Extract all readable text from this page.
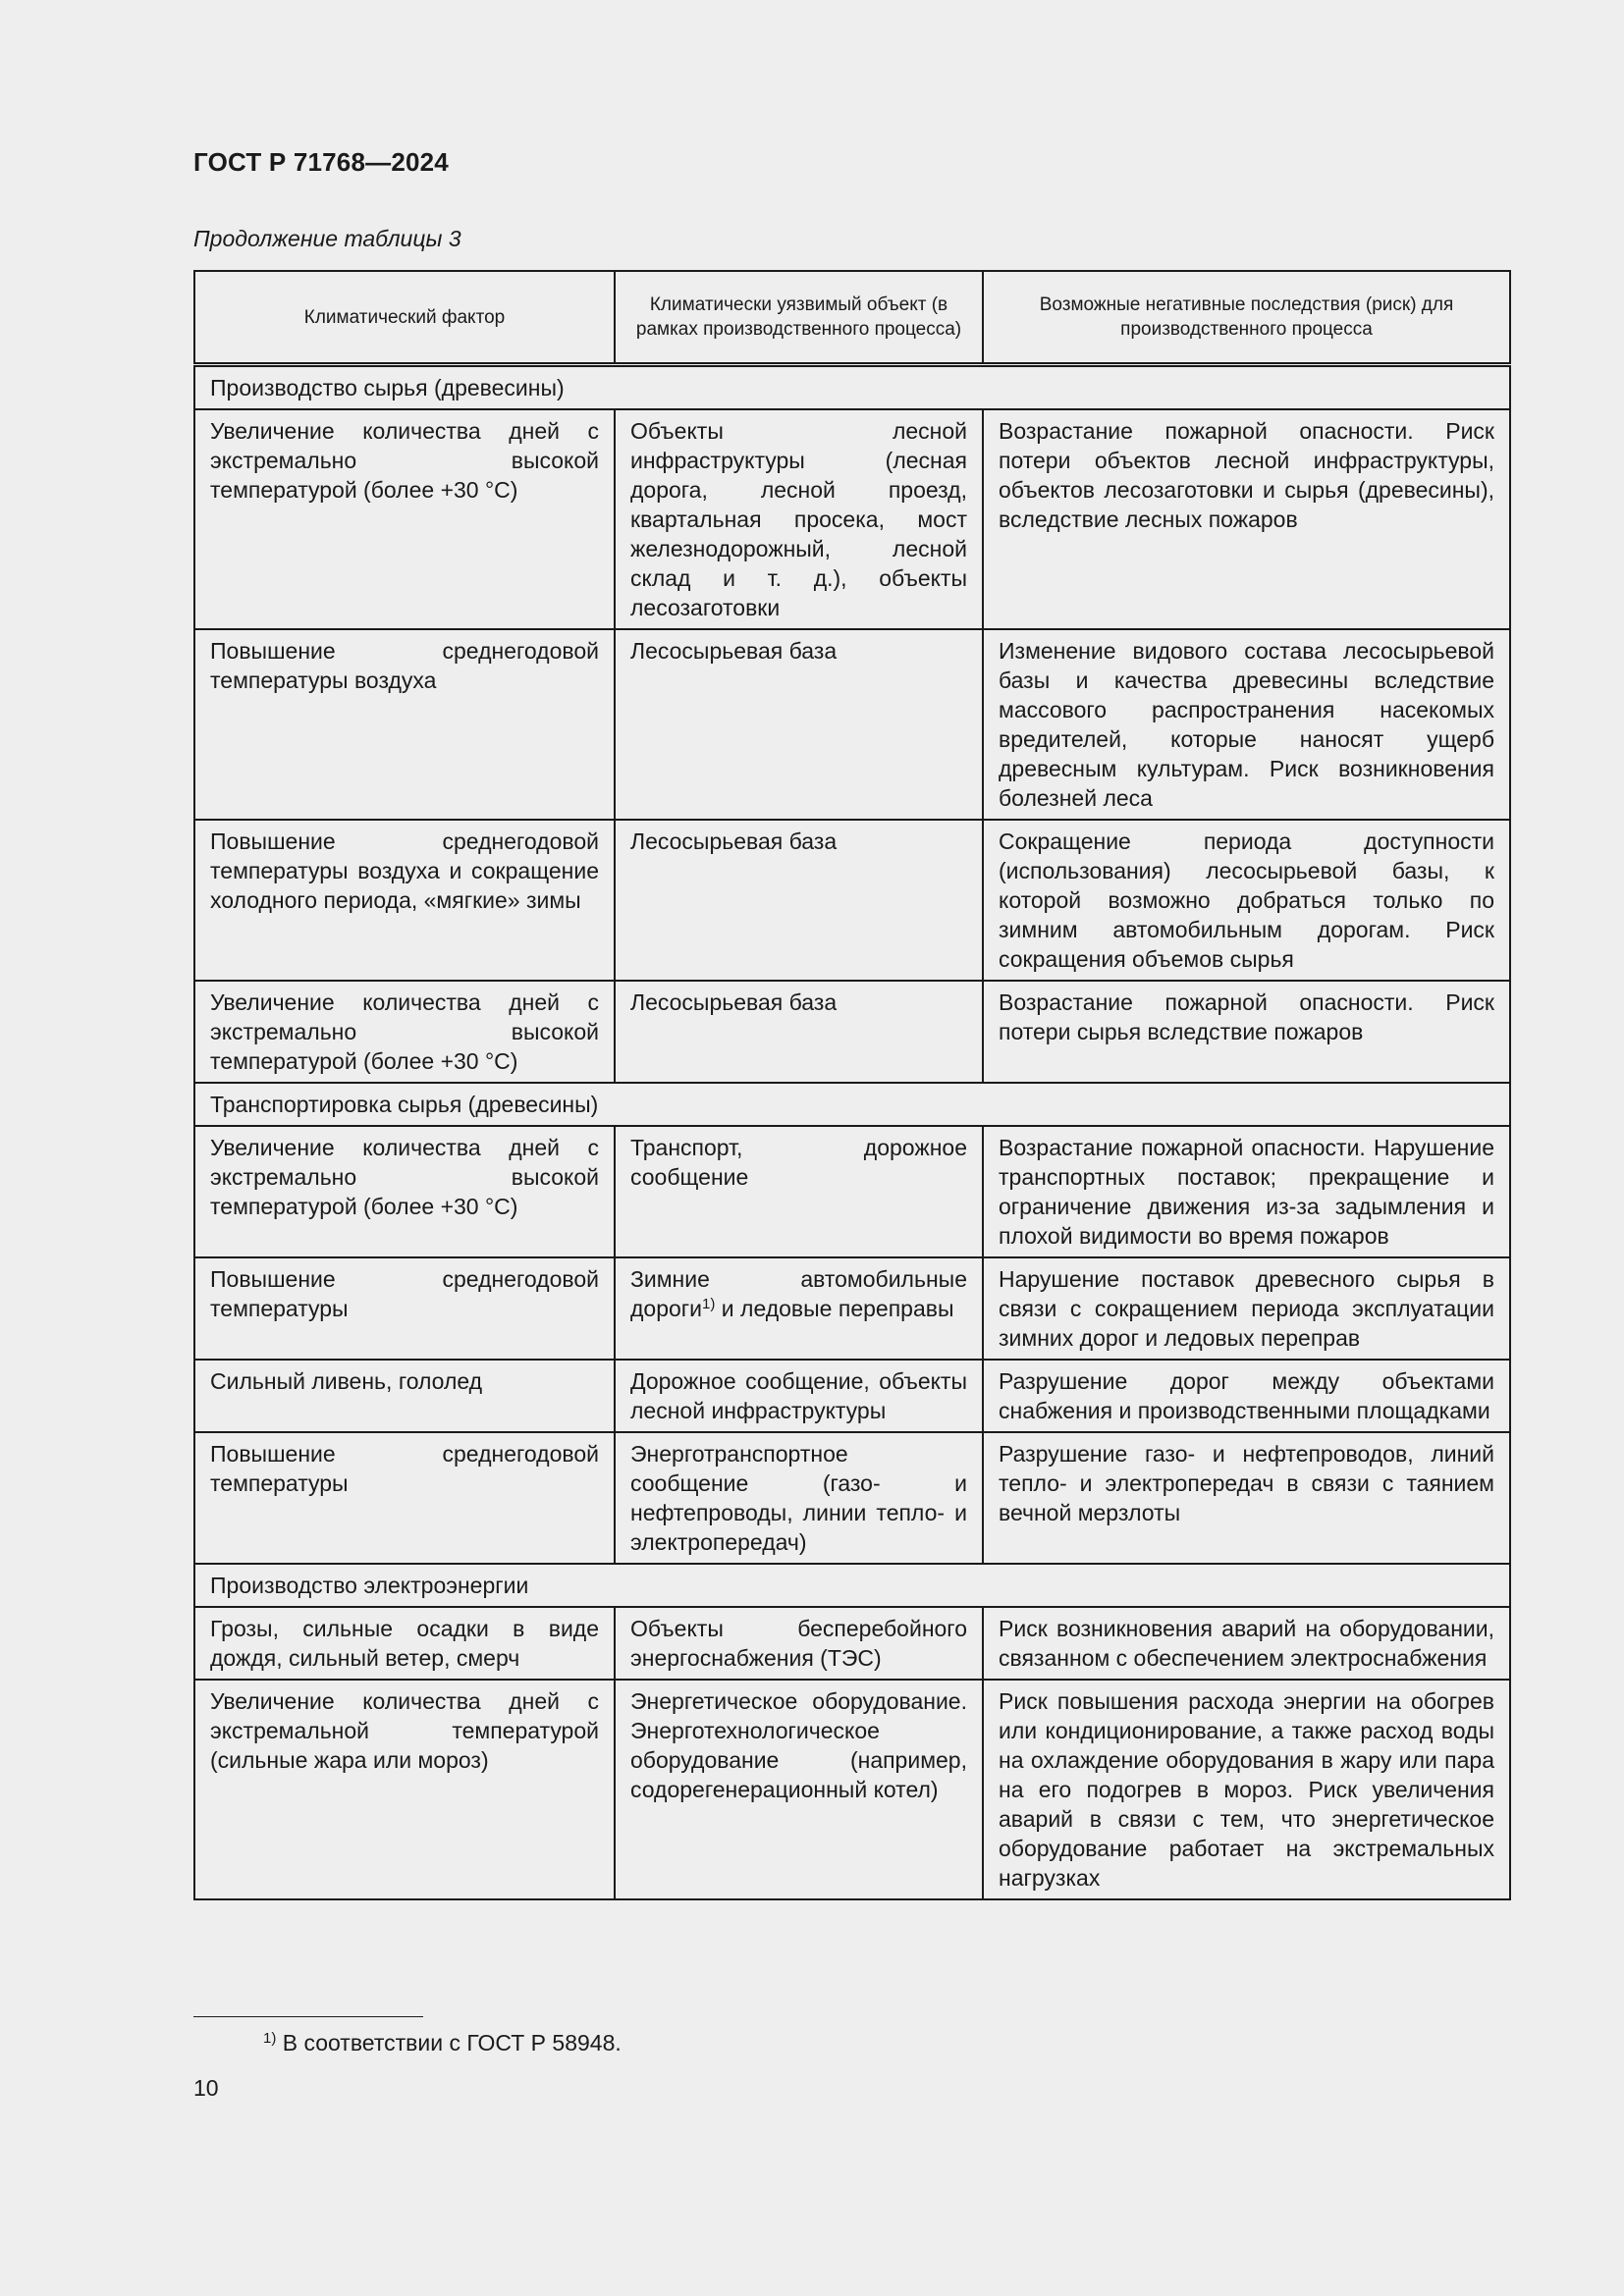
ГОСТ Р 71768—2024
Продолжение таблицы 3
Климатический фактор	Климатически уязвимый объект (в рамках производственного процесса)	Возможные негативные последствия (риск) для производственного процесса
Производство сырья (древесины)		
Увеличение количества дней с экстремально высокой температурой (более +30 °С)	Объекты лесной инфраструктуры (лесная дорога, лесной проезд, квартальная просека, мост железнодорожный, лесной склад и т. д.), объекты лесозаготовки	Возрастание пожарной опасности. Риск потери объектов лесной инфраструктуры, объектов лесозаготовки и сырья (древесины), вследствие лесных пожаров
Повышение среднегодовой температуры воздуха	Лесосырьевая база	Изменение видового состава лесосырьевой базы и качества древесины вследствие массового распространения насекомых вредителей, которые наносят ущерб древесным культурам. Риск возникновения болезней леса
Повышение среднегодовой температуры воздуха и сокращение холодного периода, «мягкие» зимы	Лесосырьевая база	Сокращение периода доступности (использования) лесосырьевой базы, к которой возможно добраться только по зимним автомобильным дорогам. Риск сокращения объемов сырья
Увеличение количества дней с экстремально высокой температурой (более +30 °С)	Лесосырьевая база	Возрастание пожарной опасности. Риск потери сырья вследствие пожаров
Транспортировка сырья (древесины)		
Увеличение количества дней с экстремально высокой температурой (более +30 °С)	Транспорт, дорожное сообщение	Возрастание пожарной опасности. Нарушение транспортных поставок; прекращение и ограничение движения из-за задымления и плохой видимости во время пожаров
Повышение среднегодовой температуры	Зимние автомобильные дороги$^{1)}$ и ледовые переправы	Нарушение поставок древесного сырья в связи с сокращением периода эксплуатации зимних дорог и ледовых переправ
Сильный ливень, гололед	Дорожное сообщение, объекты лесной инфраструктуры	Разрушение дорог между объектами снабжения и производственными площадками
Повышение среднегодовой температуры	Энерготранспортное сообщение (газо- и нефтепроводы, линии тепло- и электропередач)	Разрушение газо- и нефтепроводов, линий тепло- и электропередач в связи с таянием вечной мерзлоты
Производство электроэнергии		
Грозы, сильные осадки в виде дождя, сильный ветер, смерч	Объекты бесперебойного энергоснабжения (ТЭС)	Риск возникновения аварий на оборудовании, связанном с обеспечением электроснабжения
Увеличение количества дней с экстремальной температурой (сильные жара или мороз)	Энергетическое оборудование. Энерготехнологическое оборудование (например, содорегенерационный котел)	Риск повышения расхода энергии на обогрев или кондиционирование, а также расход воды на охлаждение оборудования в жару или пара на его подогрев в мороз. Риск увеличения аварий в связи с тем, что энергетическое оборудование работает на экстремальных нагрузках
$^{1)}$ В соответствии с ГОСТ Р 58948.
10
